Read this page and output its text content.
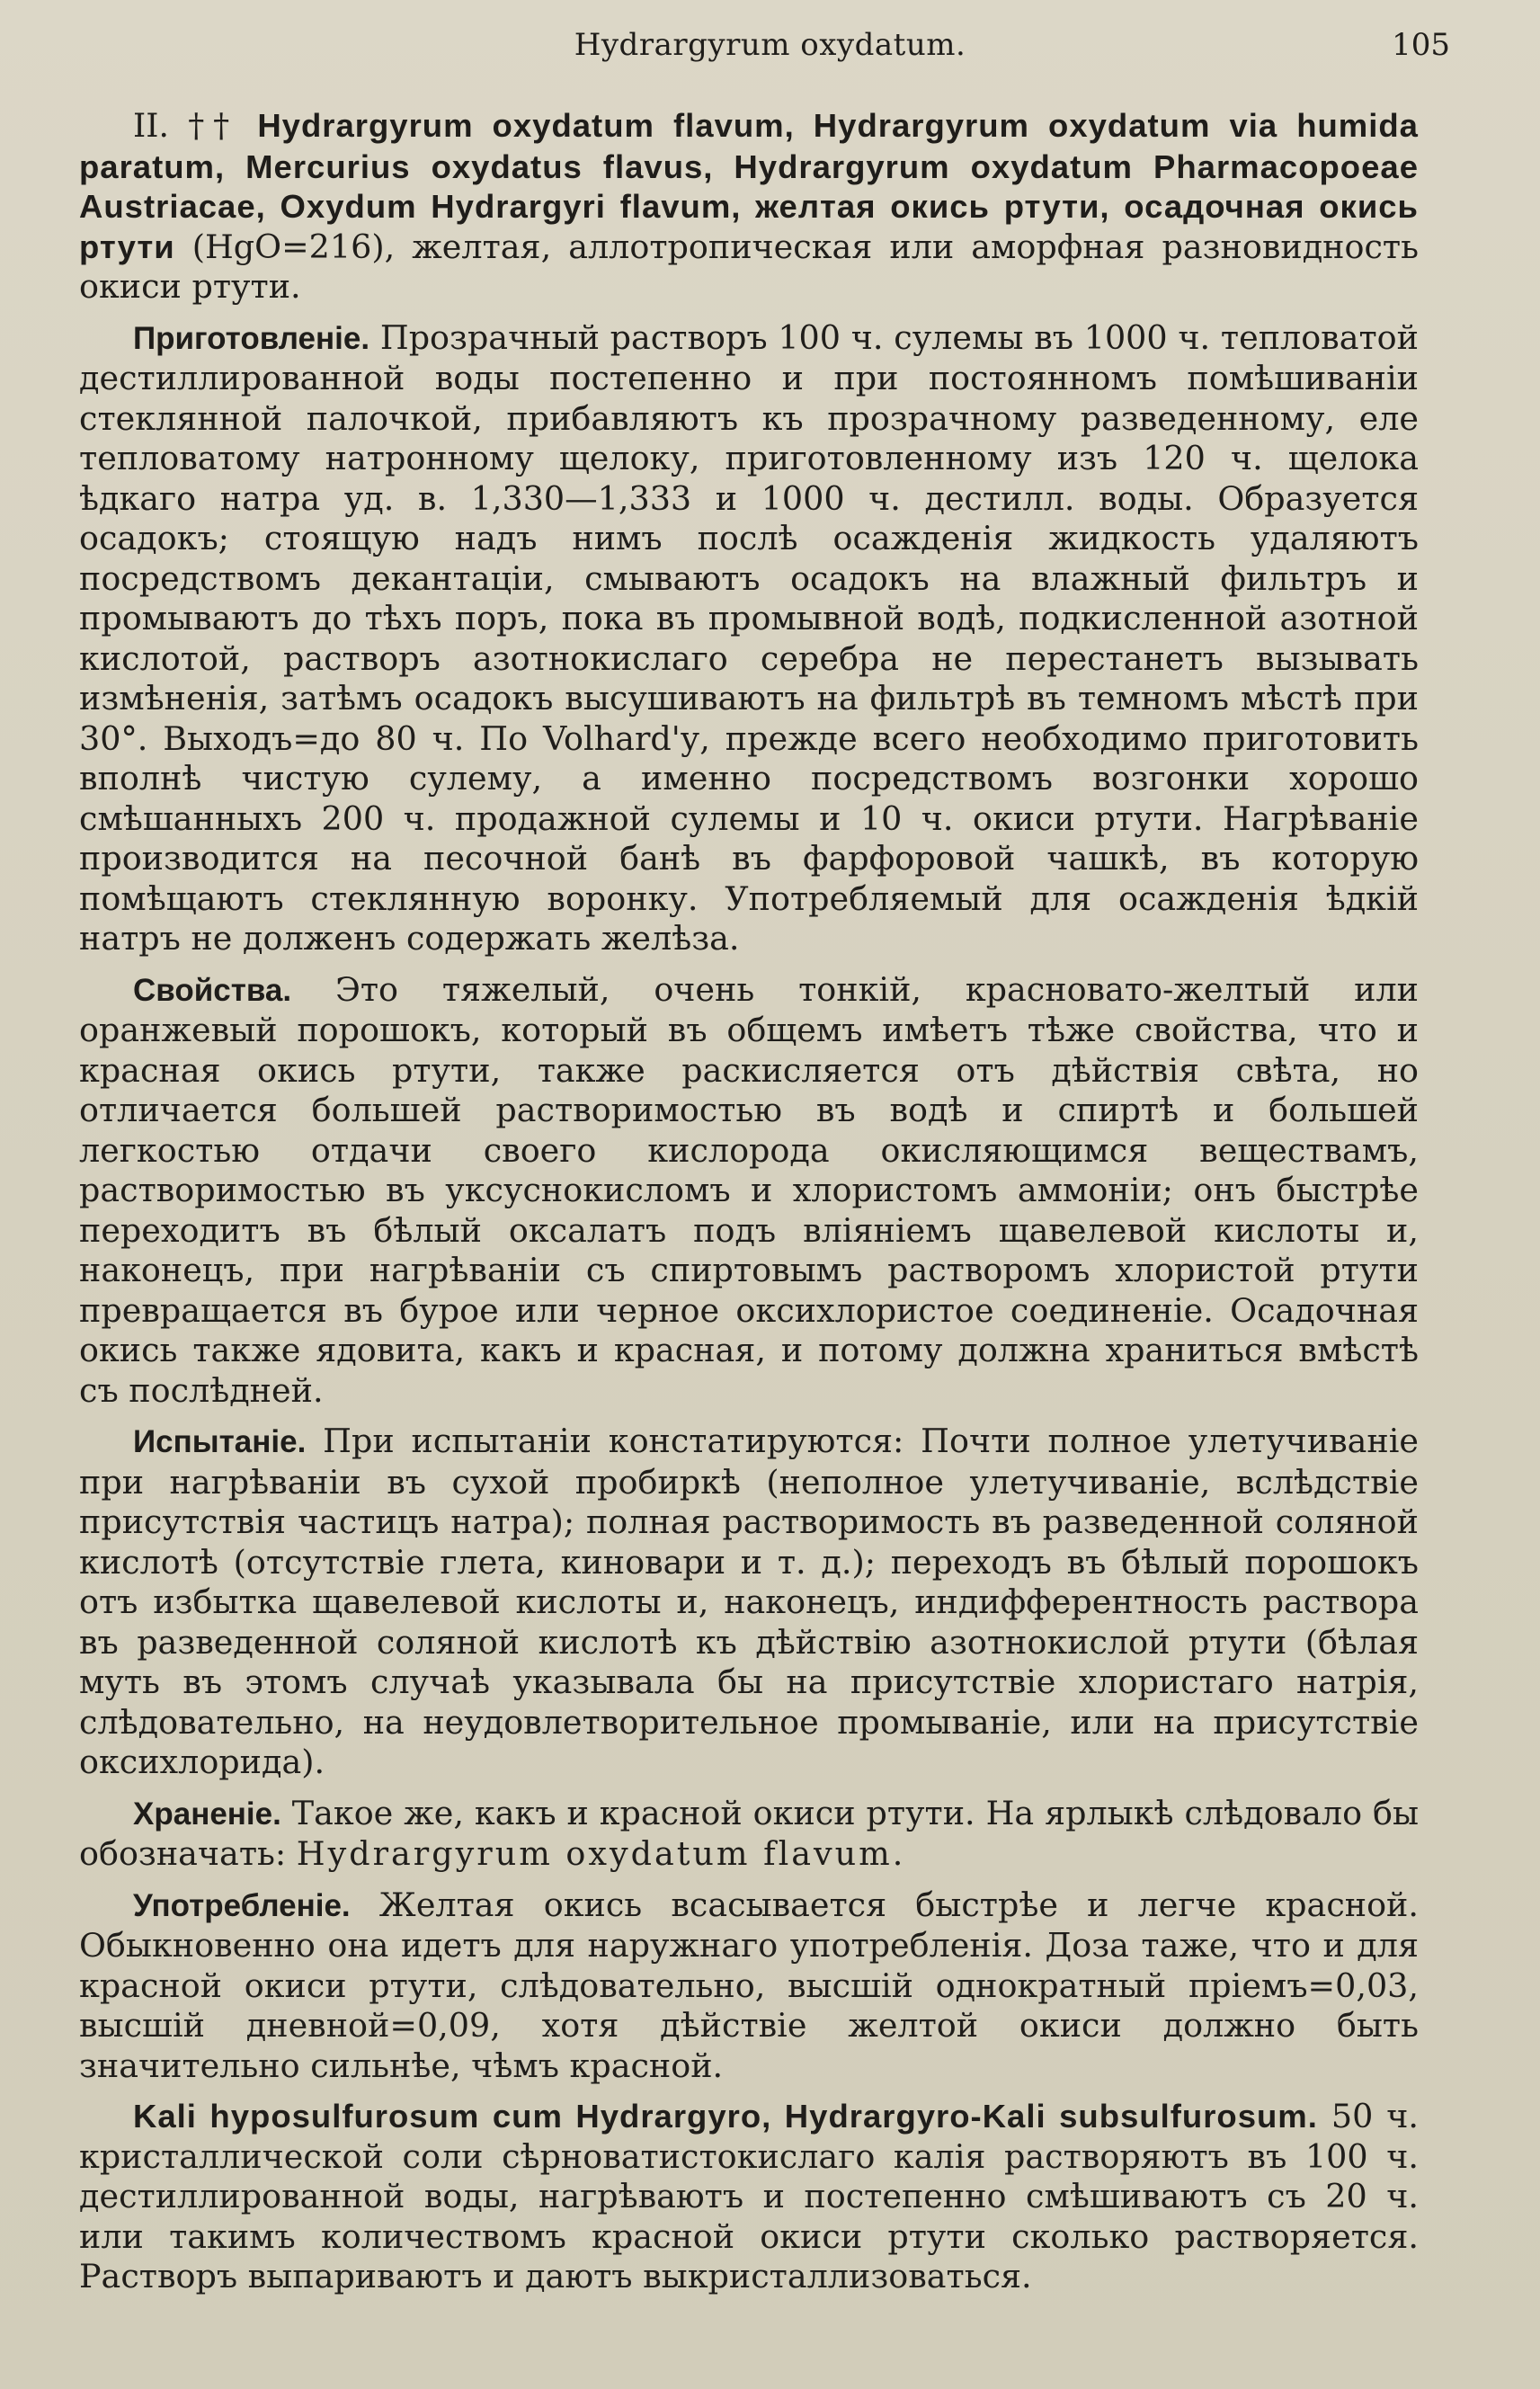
Hydrargyrum oxydatum.	105

II. †† Hydrargyrum oxydatum flavum, Hydrargyrum oxydatum via humida paratum, Mercurius oxydatus flavus, Hydrargyrum oxydatum Pharmacopoeae Austriacae, Oxydum Hydrargyri flavum, желтая окись ртути, осадочная окись ртути (HgO=216), желтая, аллотропическая или аморфная разновидность окиси ртути.

Приготовленіе. Прозрачный растворъ 100 ч. сулемы въ 1000 ч. тепловатой дестиллированной воды постепенно и при постоянномъ помѣшиваніи стеклянной палочкой, прибавляютъ къ прозрачному разведенному, еле тепловатому натронному щелоку, приготовленному изъ 120 ч. щелока ѣдкаго натра уд. в. 1,330—1,333 и 1000 ч. дестилл. воды. Образуется осадокъ; стоящую надъ нимъ послѣ осажденія жидкость удаляютъ посредствомъ декантаціи, смываютъ осадокъ на влажный фильтръ и промываютъ до тѣхъ поръ, пока въ промывной водѣ, подкисленной азотной кислотой, растворъ азотнокислаго серебра не перестанетъ вызывать измѣненія, затѣмъ осадокъ высушиваютъ на фильтрѣ въ темномъ мѣстѣ при 30°. Выходъ=до 80 ч. По Volhard'у, прежде всего необходимо приготовить вполнѣ чистую сулему, а именно посредствомъ возгонки хорошо смѣшанныхъ 200 ч. продажной сулемы и 10 ч. окиси ртути. Нагрѣваніе производится на песочной банѣ въ фарфоровой чашкѣ, въ которую помѣщаютъ стеклянную воронку. Употребляемый для осажденія ѣдкій натръ не долженъ содержать желѣза.

Свойства. Это тяжелый, очень тонкій, красновато-желтый или оранжевый порошокъ, который въ общемъ имѣетъ тѣже свойства, что и красная окись ртути, также раскисляется отъ дѣйствія свѣта, но отличается большей растворимостью въ водѣ и спиртѣ и большей легкостью отдачи своего кислорода окисляющимся веществамъ, растворимостью въ уксуснокисломъ и хлористомъ аммоніи; онъ быстрѣе переходитъ въ бѣлый оксалатъ подъ вліяніемъ щавелевой кислоты и, наконецъ, при нагрѣваніи съ спиртовымъ растворомъ хлористой ртути превращается въ бурое или черное оксихлористое соединеніе. Осадочная окись также ядовита, какъ и красная, и потому должна храниться вмѣстѣ съ послѣдней.

Испытаніе. При испытаніи констатируются: Почти полное улетучиваніе при нагрѣваніи въ сухой пробиркѣ (неполное улетучиваніе, вслѣдствіе присутствія частицъ натра); полная растворимость въ разведенной соляной кислотѣ (отсутствіе глета, киновари и т. д.); переходъ въ бѣлый порошокъ отъ избытка щавелевой кислоты и, наконецъ, индифферентность раствора въ разведенной соляной кислотѣ къ дѣйствію азотнокислой ртути (бѣлая муть въ этомъ случаѣ указывала бы на присутствіе хлористаго натрія, слѣдовательно, на неудовлетворительное промываніе, или на присутствіе оксихлорида).

Храненіе. Такое же, какъ и красной окиси ртути. На ярлыкѣ слѣдовало бы обозначать: Hydrargyrum oxydatum flavum.

Употребленіе. Желтая окись всасывается быстрѣе и легче красной. Обыкновенно она идетъ для наружнаго употребленія. Доза таже, что и для красной окиси ртути, слѣдовательно, высшій однократный пріемъ=0,03, высшій дневной=0,09, хотя дѣйствіе желтой окиси должно быть значительно сильнѣе, чѣмъ красной.

Kali hyposulfurosum cum Hydrargyro, Hydrargyro-Kali subsulfurosum. 50 ч. кристаллической соли сѣрноватистокислаго калія растворяютъ въ 100 ч. дестиллированной воды, нагрѣваютъ и постепенно смѣшиваютъ съ 20 ч. или такимъ количествомъ красной окиси ртути сколько растворяется. Растворъ выпариваютъ и даютъ выкристаллизоваться.
